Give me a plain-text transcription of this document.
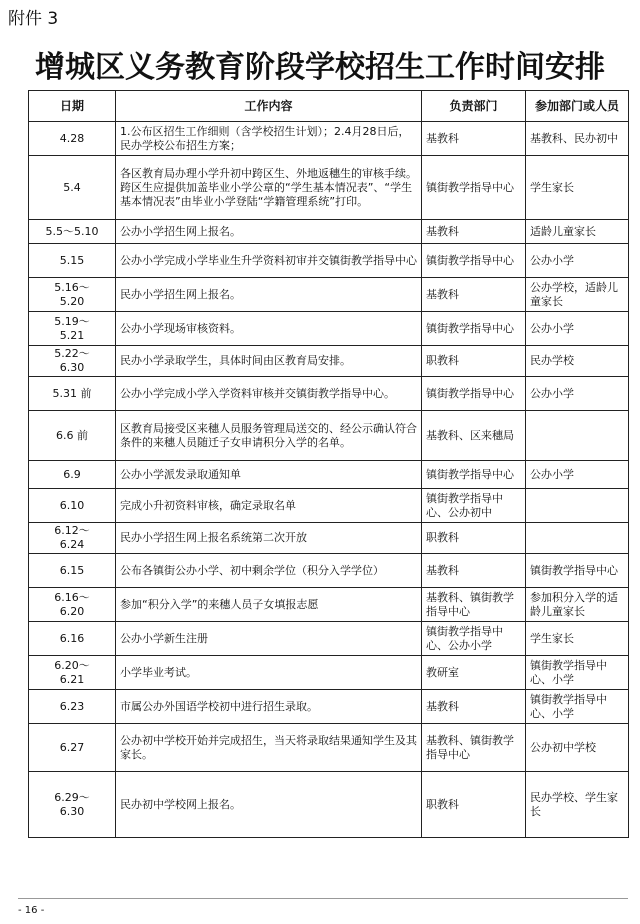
附件 3
增城区义务教育阶段学校招生工作时间安排
日期	工作内容	负责部门	参加部门或人员
4.28	1.公布区招生工作细则（含学校招生计划）；2.4月28日后，民办学校公布招生方案；	基教科	基教科、民办初中
5.4	各区教育局办理小学升初中跨区生、外地返穗生的审核手续。跨区生应提供加盖毕业小学公章的“学生基本情况表”、“学生基本情况表”由毕业小学登陆“学籍管理系统”打印。	镇街教学指导中心	学生家长
5.5～5.10	公办小学招生网上报名。	基教科	适龄儿童家长
5.15	公办小学完成小学毕业生升学资料初审并交镇街教学指导中心	镇街教学指导中心	公办小学
5.16～
5.20	民办小学招生网上报名。	基教科	公办学校，适龄儿童家长
5.19～
5.21	公办小学现场审核资料。	镇街教学指导中心	公办小学
5.22～
6.30	民办小学录取学生，具体时间由区教育局安排。	职教科	民办学校
5.31 前	公办小学完成小学入学资料审核并交镇街教学指导中心。	镇街教学指导中心	公办小学
6.6 前	区教育局接受区来穗人员服务管理局送交的、经公示确认符合条件的来穗人员随迁子女申请积分入学的名单。	基教科、区来穗局	
6.9	公办小学派发录取通知单	镇街教学指导中心	公办小学
6.10	完成小升初资料审核，确定录取名单	镇街教学指导中心、公办初中	
6.12～
6.24	民办小学招生网上报名系统第二次开放	职教科	
6.15	公布各镇街公办小学、初中剩余学位（积分入学学位）	基教科	镇街教学指导中心
6.16～
6.20	参加“积分入学”的来穗人员子女填报志愿	基教科、镇街教学指导中心	参加积分入学的适龄儿童家长
6.16	公办小学新生注册	镇街教学指导中心、公办小学	学生家长
6.20～
6.21	小学毕业考试。	教研室	镇街教学指导中心、小学
6.23	市属公办外国语学校初中进行招生录取。	基教科	镇街教学指导中心、小学
6.27	公办初中学校开始并完成招生，当天将录取结果通知学生及其家长。	基教科、镇街教学指导中心	公办初中学校
6.29～
6.30	民办初中学校网上报名。	职教科	民办学校、学生家长
- 16 -
